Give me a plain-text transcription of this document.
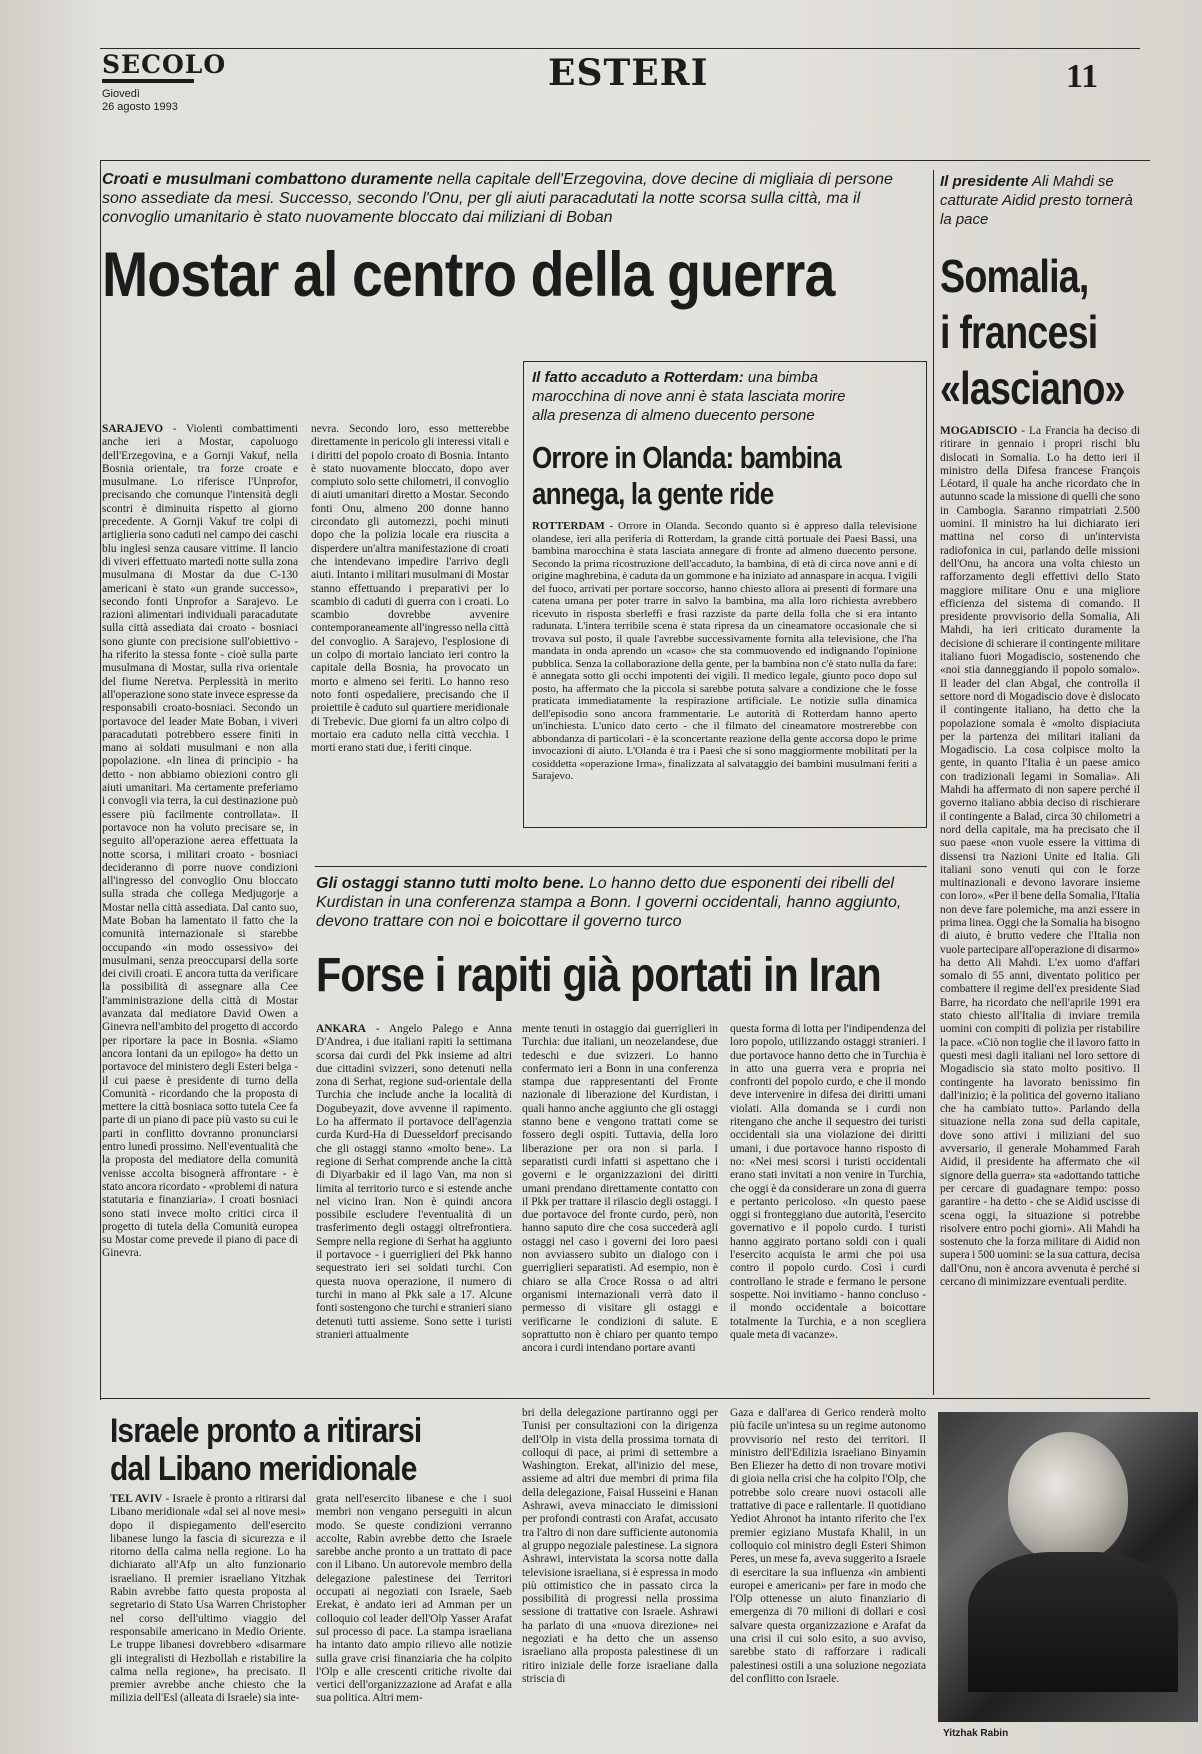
SECOLO
Giovedì
26 agosto 1993
ESTERI	11
Croati e musulmani combattono duramente nella capitale dell'Erzegovina, dove decine di migliaia di persone sono assediate da mesi. Successo, secondo l'Onu, per gli aiuti paracadutati la notte scorsa sulla città, ma il convoglio umanitario è stato nuovamente bloccato dai miliziani di Boban
Mostar al centro della guerra
SARAJEVO - Violenti combattimenti anche ieri a Mostar, capoluogo dell'Erzegovina, e a Gornji Vakuf, nella Bosnia orientale, tra forze croate e musulmane. Lo riferisce l'Unprofor, precisando che comunque l'intensità degli scontri è diminuita rispetto al giorno precedente. A Gornji Vakuf tre colpi di artiglieria sono caduti nel campo dei caschi blu inglesi senza causare vittime. Il lancio di viveri effettuato martedì notte sulla zona musulmana di Mostar da due C-130 americani è stato «un grande successo», secondo fonti Unprofor a Sarajevo. Le razioni alimentari individuali paracadutate sulla città assediata dai croato - bosniaci sono giunte con precisione sull'obiettivo - ha riferito la stessa fonte - cioè sulla parte musulmana di Mostar, sulla riva orientale del fiume Neretva. Perplessità in merito all'operazione sono state invece espresse da responsabili croato-bosniaci. Secondo un portavoce del leader Mate Boban, i viveri paracadutati potrebbero essere finiti in mano ai soldati musulmani e non alla popolazione. «In linea di principio - ha detto - non abbiamo obiezioni contro gli aiuti umanitari. Ma certamente preferiamo i convogli via terra, la cui destinazione può essere più facilmente controllata». Il portavoce non ha voluto precisare se, in seguito all'operazione aerea effettuata la notte scorsa, i militari croato - bosniaci decideranno di porre nuove condizioni all'ingresso del convoglio Onu bloccato sulla strada che collega Medjugorje a Mostar nella città assediata. Dal canto suo, Mate Boban ha lamentato il fatto che la comunità internazionale si starebbe occupando «in modo ossessivo» dei musulmani, senza preoccuparsi della sorte dei civili croati. E ancora tutta da verificare la possibilità di assegnare alla Cee l'amministrazione della città di Mostar avanzata dal mediatore David Owen a Ginevra nell'ambito del progetto di accordo per riportare la pace in Bosnia. «Siamo ancora lontani da un epilogo» ha detto un portavoce del ministero degli Esteri belga - il cui paese è presidente di turno della Comunità - ricordando che la proposta di mettere la città bosniaca sotto tutela Cee fa parte di un piano di pace più vasto su cui le parti in conflitto dovranno pronunciarsi entro lunedì prossimo. Nell'eventualità che la proposta del mediatore della comunità venisse accolta bisognerà affrontare - è stato ancora ricordato - «problemi di natura statutaria e finanziaria». I croati bosniaci sono stati invece molto critici circa il progetto di tutela della Comunità europea su Mostar come prevede il piano di pace di Ginevra.
nevra. Secondo loro, esso metterebbe direttamente in pericolo gli interessi vitali e i diritti del popolo croato di Bosnia. Intanto è stato nuovamente bloccato, dopo aver compiuto solo sette chilometri, il convoglio di aiuti umanitari diretto a Mostar. Secondo fonti Onu, almeno 200 donne hanno circondato gli automezzi, pochi minuti dopo che la polizia locale era riuscita a disperdere un'altra manifestazione di croati che intendevano impedire l'arrivo degli aiuti. Intanto i militari musulmani di Mostar stanno effettuando i preparativi per lo scambio di caduti di guerra con i croati. Lo scambio dovrebbe avvenire contemporaneamente all'ingresso nella città del convoglio. A Sarajevo, l'esplosione di un colpo di mortaio lanciato ieri contro la capitale della Bosnia, ha provocato un morto e almeno sei feriti. Lo hanno reso noto fonti ospedaliere, precisando che il proiettile è caduto sul quartiere meridionale di Trebevic. Due giorni fa un altro colpo di mortaio era caduto nella città vecchia. I morti erano stati due, i feriti cinque.
Il fatto accaduto a Rotterdam: una bimba marocchina di nove anni è stata lasciata morire alla presenza di almeno duecento persone
Orrore in Olanda: bambina
annega, la gente ride
ROTTERDAM - Orrore in Olanda. Secondo quanto si è appreso dalla televisione olandese, ieri alla periferia di Rotterdam, la grande città portuale dei Paesi Bassi, una bambina marocchina è stata lasciata annegare di fronte ad almeno duecento persone. Secondo la prima ricostruzione dell'accaduto, la bambina, di età di circa nove anni e di origine maghrebina, è caduta da un gommone e ha iniziato ad annaspare in acqua. I vigili del fuoco, arrivati per portare soccorso, hanno chiesto allora ai presenti di formare una catena umana per poter trarre in salvo la bambina, ma alla loro richiesta avrebbero ricevuto in risposta sberleffi e frasi razziste da parte della folla che si era intanto radunata. L'intera terribile scena è stata ripresa da un cineamatore occasionale che si trovava sul posto, il quale l'avrebbe successivamente fornita alla televisione, che l'ha mandata in onda aprendo un «caso» che sta commuovendo ed indignando l'opinione pubblica. Senza la collaborazione della gente, per la bambina non c'è stato nulla da fare: è annegata sotto gli occhi impotenti dei vigili. Il medico legale, giunto poco dopo sul posto, ha affermato che la piccola si sarebbe potuta salvare a condizione che le fosse praticata immediatamente la respirazione artificiale. Le notizie sulla dinamica dell'episodio sono ancora frammentarie. Le autorità di Rotterdam hanno aperto un'inchiesta. L'unico dato certo - che il filmato del cineamatore mostrerebbe con abbondanza di particolari - è la sconcertante reazione della gente accorsa dopo le prime invocazioni di aiuto. L'Olanda è tra i Paesi che si sono maggiormente mobilitati per la cosiddetta «operazione Irma», finalizzata al salvataggio dei bambini musulmani feriti a Sarajevo.
Il presidente Ali Mahdi se catturate Aidid presto tornerà la pace
Somalia,
i francesi
«lasciano»
MOGADISCIO - La Francia ha deciso di ritirare in gennaio i propri rischi blu dislocati in Somalia. Lo ha detto ieri il ministro della Difesa francese François Léotard, il quale ha anche ricordato che in autunno scade la missione di quelli che sono in Cambogia. Saranno rimpatriati 2.500 uomini. Il ministro ha lui dichiarato ieri mattina nel corso di un'intervista radiofonica in cui, parlando delle missioni dell'Onu, ha ancora una volta chiesto un rafforzamento degli effettivi dello Stato maggiore militare Onu e una migliore efficienza del sistema di comando. Il presidente provvisorio della Somalia, Ali Mahdi, ha ieri criticato duramente la decisione di schierare il contingente militare italiano fuori Mogadiscio, sostenendo che «noi stia danneggiando il popolo somalo». Il leader del clan Abgal, che controlla il settore nord di Mogadiscio dove è dislocato il contingente italiano, ha detto che la popolazione somala è «molto dispiaciuta per la partenza dei militari italiani da Mogadiscio. La cosa colpisce molto la gente, in quanto l'Italia è un paese amico con tradizionali legami in Somalia». Ali Mahdi ha affermato di non sapere perché il governo italiano abbia deciso di rischierare il contingente a Balad, circa 30 chilometri a nord della capitale, ma ha precisato che il suo paese «non vuole essere la vittima di dissensi tra Nazioni Unite ed Italia. Gli italiani sono venuti qui con le forze multinazionali e devono lavorare insieme con loro». «Per il bene della Somalia, l'Italia non deve fare polemiche, ma anzi essere in prima linea. Oggi che la Somalia ha bisogno di aiuto, è brutto vedere che l'Italia non vuole partecipare all'operazione di disarmo» ha detto Ali Mahdi. L'ex uomo d'affari somalo di 55 anni, diventato politico per combattere il regime dell'ex presidente Siad Barre, ha ricordato che nell'aprile 1991 era stato chiesto all'Italia di inviare tremila uomini con compiti di polizia per ristabilire la pace. «Ciò non toglie che il lavoro fatto in questi mesi dagli italiani nel loro settore di Mogadiscio sia stato molto positivo. Il contingente ha lavorato benissimo fin dall'inizio; è la politica del governo italiano che ha cambiato tutto». Parlando della situazione nella zona sud della capitale, dove sono attivi i miliziani del suo avversario, il generale Mohammed Farah Aidid, il presidente ha affermato che «il signore della guerra» sta «adottando tattiche per cercare di guadagnare tempo: posso garantire - ha detto - che se Aidid uscisse di scena oggi, la situazione si potrebbe risolvere entro pochi giorni». Ali Mahdi ha sostenuto che la forza militare di Aidid non supera i 500 uomini: se la sua cattura, decisa dall'Onu, non è ancora avvenuta è perché si cercano di minimizzare eventuali perdite.
Gli ostaggi stanno tutti molto bene. Lo hanno detto due esponenti dei ribelli del Kurdistan in una conferenza stampa a Bonn. I governi occidentali, hanno aggiunto, devono trattare con noi e boicottare il governo turco
Forse i rapiti già portati in Iran
ANKARA - Angelo Palego e Anna D'Andrea, i due italiani rapiti la settimana scorsa dai curdi del Pkk insieme ad altri due cittadini svizzeri, sono detenuti nella zona di Serhat, regione sud-orientale della Turchia che include anche la località di Dogubeyazit, dove avvenne il rapimento. Lo ha affermato il portavoce dell'agenzia curda Kurd-Ha di Duesseldorf precisando che gli ostaggi stanno «molto bene». La regione di Serhat comprende anche la città di Diyarbakir ed il lago Van, ma non si limita al territorio turco e si estende anche nel vicino Iran. Non è quindi ancora possibile escludere l'eventualità di un trasferimento degli ostaggi oltrefrontiera. Sempre nella regione di Serhat ha aggiunto il portavoce - i guerriglieri del Pkk hanno sequestrato ieri sei soldati turchi. Con questa nuova operazione, il numero di turchi in mano al Pkk sale a 17. Alcune fonti sostengono che turchi e stranieri siano detenuti tutti assieme. Sono sette i turisti stranieri attualmente
mente tenuti in ostaggio dai guerriglieri in Turchia: due italiani, un neozelandese, due tedeschi e due svizzeri. Lo hanno confermato ieri a Bonn in una conferenza stampa due rappresentanti del Fronte nazionale di liberazione del Kurdistan, i quali hanno anche aggiunto che gli ostaggi stanno bene e vengono trattati come se fossero degli ospiti. Tuttavia, della loro liberazione per ora non si parla. I separatisti curdi infatti si aspettano che i governi e le organizzazioni dei diritti umani prendano direttamente contatto con il Pkk per trattare il rilascio degli ostaggi. I due portavoce del fronte curdo, però, non hanno saputo dire che cosa succederà agli ostaggi nel caso i governi dei loro paesi non avviassero subito un dialogo con i guerriglieri separatisti. Ad esempio, non è chiaro se alla Croce Rossa o ad altri organismi internazionali verrà dato il permesso di visitare gli ostaggi e verificarne le condizioni di salute. E soprattutto non è chiaro per quanto tempo ancora i curdi intendano portare avanti
questa forma di lotta per l'indipendenza del loro popolo, utilizzando ostaggi stranieri. I due portavoce hanno detto che in Turchia è in atto una guerra vera e propria nei confronti del popolo curdo, e che il mondo deve intervenire in difesa dei diritti umani violati. Alla domanda se i curdi non ritengano che anche il sequestro dei turisti occidentali sia una violazione dei diritti umani, i due portavoce hanno risposto di no: «Nei mesi scorsi i turisti occidentali erano stati invitati a non venire in Turchia, che oggi è da considerare un zona di guerra e pertanto pericoloso. «In questo paese oggi si fronteggiano due autorità, l'esercito governativo e il popolo curdo. I turisti hanno aggirato portano soldi con i quali l'esercito acquista le armi che poi usa contro il popolo curdo. Così i curdi controllano le strade e fermano le persone sospette. Noi invitiamo - hanno concluso - il mondo occidentale a boicottare totalmente la Turchia, e a non scegliera quale meta di vacanze».
Israele pronto a ritirarsi
dal Libano meridionale
TEL AVIV - Israele è pronto a ritirarsi dal Libano meridionale «dal sei al nove mesi» dopo il dispiegamento dell'esercito libanese lungo la fascia di sicurezza e il ritorno della calma nella regione. Lo ha dichiarato all'Afp un alto funzionario israeliano. Il premier israeliano Yitzhak Rabin avrebbe fatto questa proposta al segretario di Stato Usa Warren Christopher nel corso dell'ultimo viaggio del responsabile americano in Medio Oriente. Le truppe libanesi dovrebbero «disarmare gli integralisti di Hezbollah e ristabilire la calma nella regione», ha precisato. Il premier avrebbe anche chiesto che la milizia dell'Esl (alleata di Israele) sia inte-
grata nell'esercito libanese e che i suoi membri non vengano perseguiti in alcun modo. Se queste condizioni verranno accolte, Rabin avrebbe detto che Israele sarebbe anche pronto a un trattato di pace con il Libano. Un autorevole membro della delegazione palestinese dei Territori occupati ai negoziati con Israele, Saeb Erekat, è andato ieri ad Amman per un colloquio col leader dell'Olp Yasser Arafat sul processo di pace. La stampa israeliana ha intanto dato ampio rilievo alle notizie sulla grave crisi finanziaria che ha colpito l'Olp e alle crescenti critiche rivolte dai vertici dell'organizzazione ad Arafat e alla sua politica. Altri mem-
bri della delegazione partiranno oggi per Tunisi per consultazioni con la dirigenza dell'Olp in vista della prossima tornata di colloqui di pace, ai primi di settembre a Washington. Erekat, all'inizio del mese, assieme ad altri due membri di prima fila della delegazione, Faisal Husseini e Hanan Ashrawi, aveva minacciato le dimissioni per profondi contrasti con Arafat, accusato tra l'altro di non dare sufficiente autonomia al gruppo negoziale palestinese. La signora Ashrawi, intervistata la scorsa notte dalla televisione israeliana, si è espressa in modo più ottimistico che in passato circa la possibilità di progressi nella prossima sessione di trattative con Israele. Ashrawi ha parlato di una «nuova direzione» nei negoziati e ha detto che un assenso israeliano alla proposta palestinese di un ritiro iniziale delle forze israeliane dalla striscia di
Gaza e dall'area di Gerico renderà molto più facile un'intesa su un regime autonomo provvisorio nel resto dei territori. Il ministro dell'Edilizia israeliano Binyamin Ben Eliezer ha detto di non trovare motivi di gioia nella crisi che ha colpito l'Olp, che potrebbe solo creare nuovi ostacoli alle trattative di pace e rallentarle. Il quotidiano Yediot Ahronot ha intanto riferito che l'ex premier egiziano Mustafa Khalil, in un colloquio col ministro degli Esteri Shimon Peres, un mese fa, aveva suggerito a Israele di esercitare la sua influenza «in ambienti europei e americani» per fare in modo che l'Olp ottenesse un aiuto finanziario di emergenza di 70 milioni di dollari e così salvare questa organizzazione e Arafat da una crisi il cui solo esito, a suo avviso, sarebbe stato di rafforzare i radicali palestinesi ostili a una soluzione negoziata del conflitto con Israele.
Yitzhak Rabin
